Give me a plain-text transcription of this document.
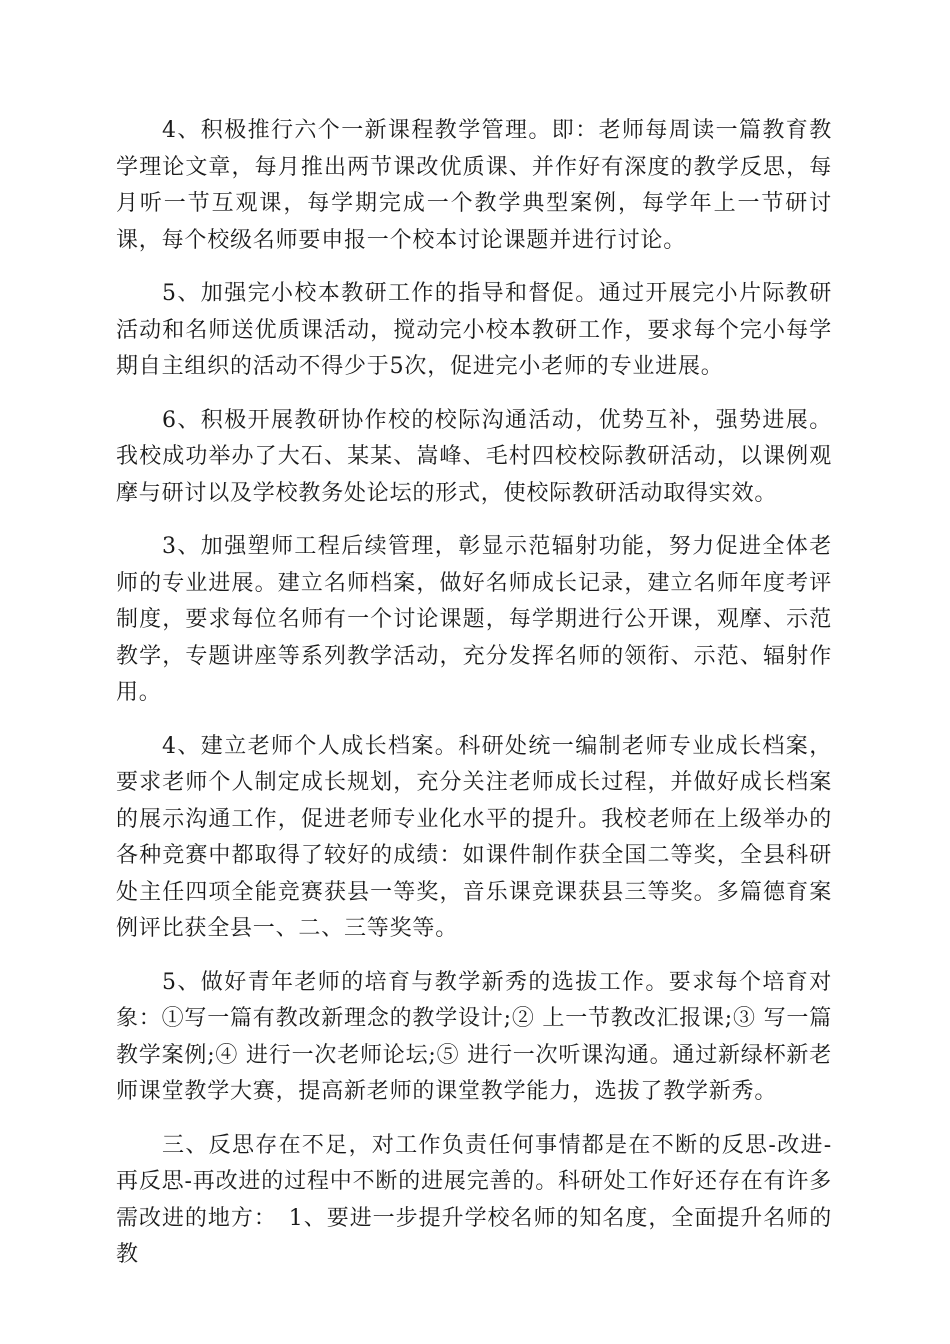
4、积极推行六个一新课程教学管理。即：老师每周读一篇教育教学理论文章，每月推出两节课改优质课、并作好有深度的教学反思，每月听一节互观课，每学期完成一个教学典型案例，每学年上一节研讨课，每个校级名师要申报一个校本讨论课题并进行讨论。

5、加强完小校本教研工作的指导和督促。通过开展完小片际教研活动和名师送优质课活动，搅动完小校本教研工作，要求每个完小每学期自主组织的活动不得少于5次，促进完小老师的专业进展。

6、积极开展教研协作校的校际沟通活动，优势互补，强势进展。我校成功举办了大石、某某、嵩峰、毛村四校校际教研活动，以课例观摩与研讨以及学校教务处论坛的形式，使校际教研活动取得实效。

3、加强塑师工程后续管理，彰显示范辐射功能，努力促进全体老师的专业进展。建立名师档案，做好名师成长记录，建立名师年度考评制度，要求每位名师有一个讨论课题，每学期进行公开课，观摩、示范教学，专题讲座等系列教学活动，充分发挥名师的领衔、示范、辐射作用。

4、建立老师个人成长档案。科研处统一编制老师专业成长档案，要求老师个人制定成长规划，充分关注老师成长过程，并做好成长档案的展示沟通工作，促进老师专业化水平的提升。我校老师在上级举办的各种竞赛中都取得了较好的成绩：如课件制作获全国二等奖，全县科研处主任四项全能竞赛获县一等奖，音乐课竞课获县三等奖。多篇德育案例评比获全县一、二、三等奖等。

5、做好青年老师的培育与教学新秀的选拔工作。要求每个培育对象：①写一篇有教改新理念的教学设计;② 上一节教改汇报课;③ 写一篇教学案例;④ 进行一次老师论坛;⑤ 进行一次听课沟通。通过新绿杯新老师课堂教学大赛，提高新老师的课堂教学能力，选拔了教学新秀。

三、反思存在不足，对工作负责任何事情都是在不断的反思-改进-再反思-再改进的过程中不断的进展完善的。科研处工作好还存在有许多需改进的地方：　1、要进一步提升学校名师的知名度，全面提升名师的教
